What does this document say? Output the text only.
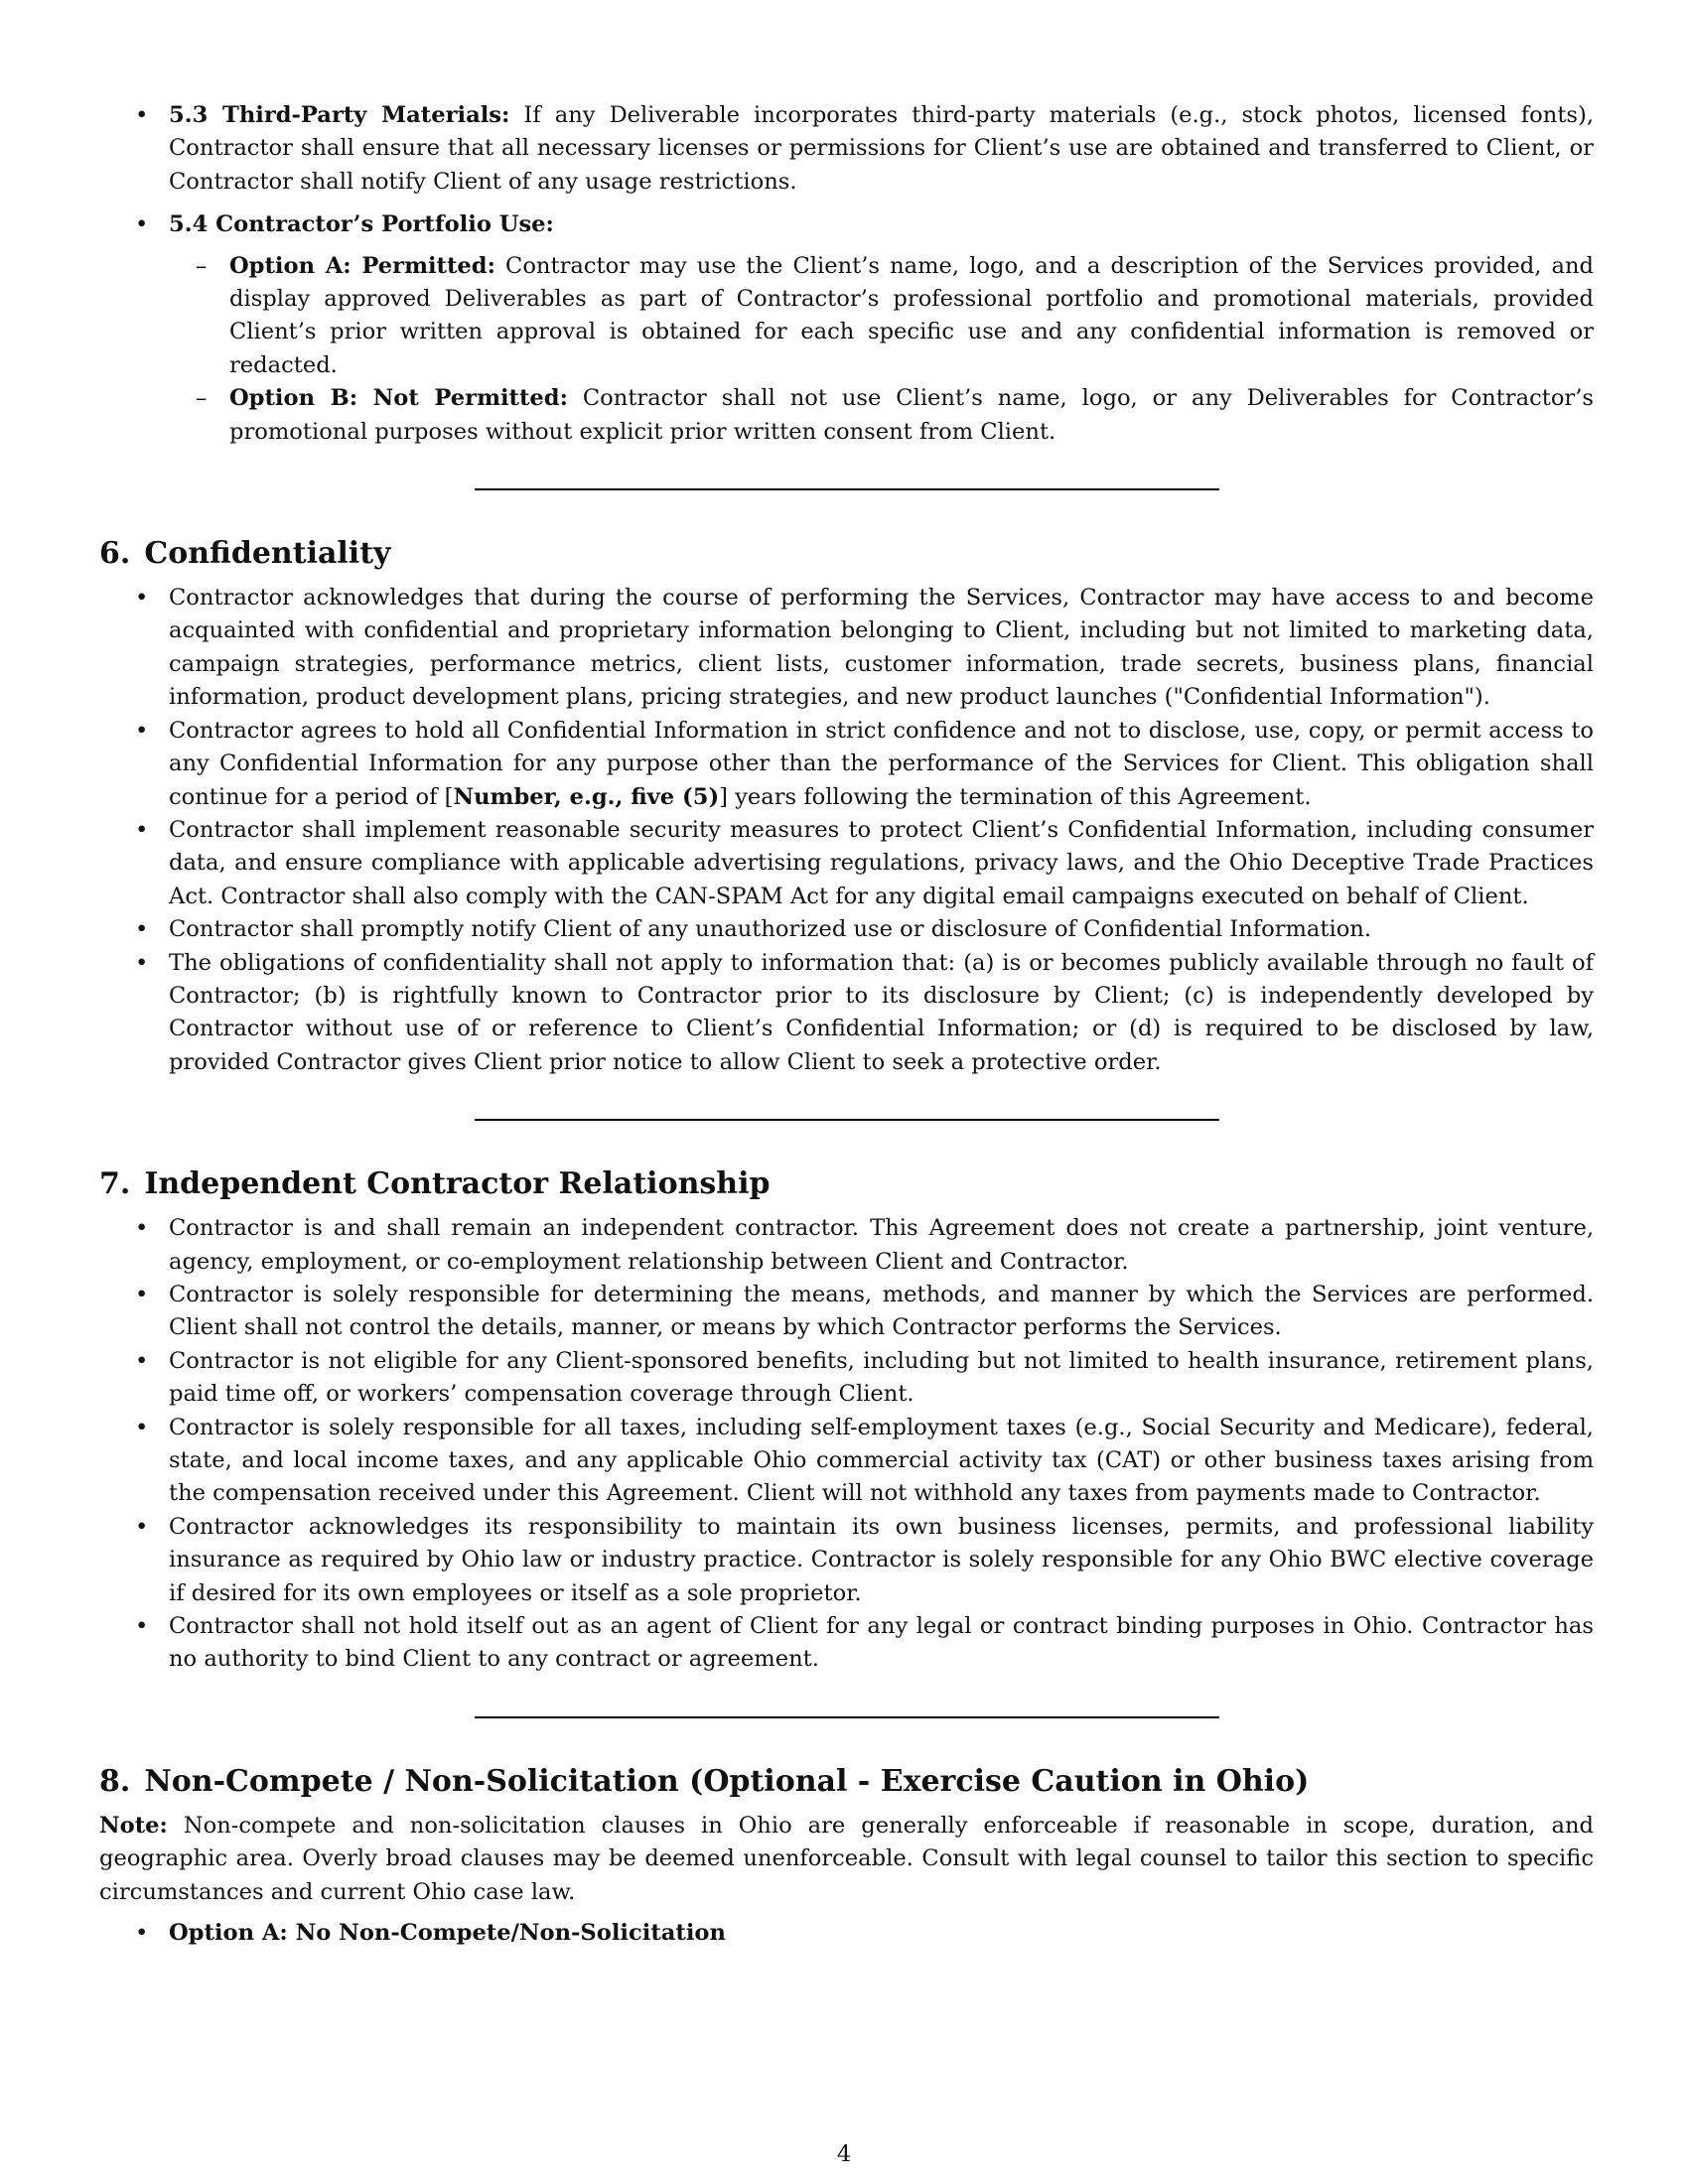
• 5.3 Third-Party Materials: If any Deliverable incorporates third-party materials (e.g., stock photos, licensed fonts), Contractor shall ensure that all necessary licenses or permissions for Client’s use are obtained and transferred to Client, or Contractor shall notify Client of any usage restrictions.
• 5.4 Contractor’s Portfolio Use:
– Option A: Permitted: Contractor may use the Client’s name, logo, and a description of the Services provided, and display approved Deliverables as part of Contractor’s professional portfolio and promotional materials, provided Client’s prior written approval is obtained for each specific use and any confidential information is removed or redacted.
– Option B: Not Permitted: Contractor shall not use Client’s name, logo, or any Deliverables for Contractor’s promotional purposes without explicit prior written consent from Client.
6. Confidentiality
• Contractor acknowledges that during the course of performing the Services, Contractor may have access to and become acquainted with confidential and proprietary information belonging to Client, including but not limited to marketing data, campaign strategies, performance metrics, client lists, customer information, trade secrets, business plans, financial information, product development plans, pricing strategies, and new product launches ("Confidential Information").
• Contractor agrees to hold all Confidential Information in strict confidence and not to disclose, use, copy, or permit access to any Confidential Information for any purpose other than the performance of the Services for Client. This obligation shall continue for a period of [Number, e.g., five (5)] years following the termination of this Agreement.
• Contractor shall implement reasonable security measures to protect Client’s Confidential Information, including consumer data, and ensure compliance with applicable advertising regulations, privacy laws, and the Ohio Deceptive Trade Practices Act. Contractor shall also comply with the CAN-SPAM Act for any digital email campaigns executed on behalf of Client.
• Contractor shall promptly notify Client of any unauthorized use or disclosure of Confidential Information.
• The obligations of confidentiality shall not apply to information that: (a) is or becomes publicly available through no fault of Contractor; (b) is rightfully known to Contractor prior to its disclosure by Client; (c) is independently developed by Contractor without use of or reference to Client’s Confidential Information; or (d) is required to be disclosed by law, provided Contractor gives Client prior notice to allow Client to seek a protective order.
7. Independent Contractor Relationship
• Contractor is and shall remain an independent contractor. This Agreement does not create a partnership, joint venture, agency, employment, or co-employment relationship between Client and Contractor.
• Contractor is solely responsible for determining the means, methods, and manner by which the Services are performed. Client shall not control the details, manner, or means by which Contractor performs the Services.
• Contractor is not eligible for any Client-sponsored benefits, including but not limited to health insurance, retirement plans, paid time off, or workers’ compensation coverage through Client.
• Contractor is solely responsible for all taxes, including self-employment taxes (e.g., Social Security and Medicare), federal, state, and local income taxes, and any applicable Ohio commercial activity tax (CAT) or other business taxes arising from the compensation received under this Agreement. Client will not withhold any taxes from payments made to Contractor.
• Contractor acknowledges its responsibility to maintain its own business licenses, permits, and professional liability insurance as required by Ohio law or industry practice. Contractor is solely responsible for any Ohio BWC elective coverage if desired for its own employees or itself as a sole proprietor.
• Contractor shall not hold itself out as an agent of Client for any legal or contract binding purposes in Ohio. Contractor has no authority to bind Client to any contract or agreement.
8. Non-Compete / Non-Solicitation (Optional - Exercise Caution in Ohio)

Note: Non-compete and non-solicitation clauses in Ohio are generally enforceable if reasonable in scope, duration, and geographic area. Overly broad clauses may be deemed unenforceable. Consult with legal counsel to tailor this section to specific circumstances and current Ohio case law.

• Option A: No Non-Compete/Non-Solicitation
4
